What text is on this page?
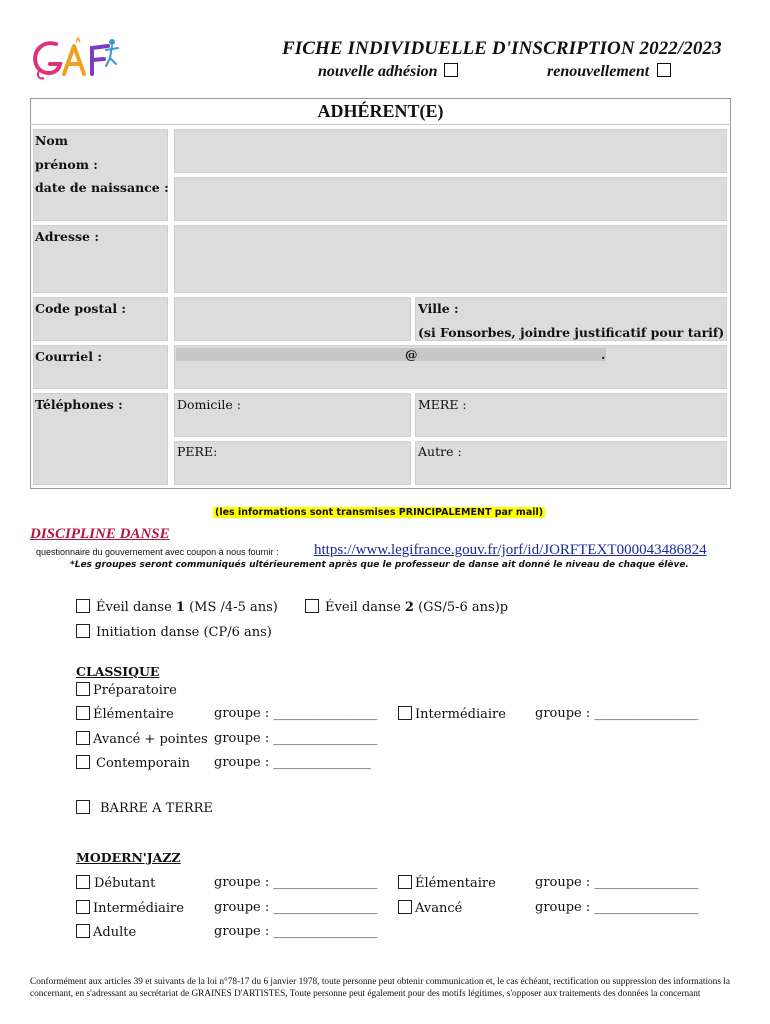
GAF
FICHE INDIVIDUELLE D'INSCRIPTION 2022/2023
nouvelle adhésion	renouvellement
ADHÉRENT(E)
Nom
prénom :
date de naissance :
Adresse :
Code postal :	Ville :
(si Fonsorbes, joindre justificatif pour tarif)
Courriel :	@	.
Téléphones :	Domicile :	MERE :
PERE:	Autre :
(les informations sont transmises PRINCIPALEMENT par mail)
DISCIPLINE DANSE
questionnaire du gouvernement avec coupon à nous fournir : https://www.legifrance.gouv.fr/jorf/id/JORFTEXT000043486824
*Les groupes seront communiqués ultérieurement après que le professeur de danse ait donné le niveau de chaque élève.
Éveil danse 1 (MS /4-5 ans)	Éveil danse 2 (GS/5-6 ans)p
Initiation danse (CP/6 ans)
CLASSIQUE
Préparatoire
Élémentaire	groupe : ________________	Intermédiaire groupe : ________________
Avancé + pointes groupe : ________________
Contemporain groupe : _______________
BARRE A TERRE
MODERN'JAZZ
Débutant	groupe : ________________	Élémentaire	groupe : ________________
Intermédiaire groupe : ________________	Avancé	groupe : ________________
Adulte	groupe : ________________
Conformément aux articles 39 et suivants de la loi n°78-17 du 6 janvier 1978, toute personne peut obtenir communication et, le cas échéant, rectification ou suppression des informations la concernant, en s'adressant au secrétariat de GRAINES D'ARTISTES, Toute personne peut également pour des motifs légitimes, s'opposer aux traitements des données la concernant
